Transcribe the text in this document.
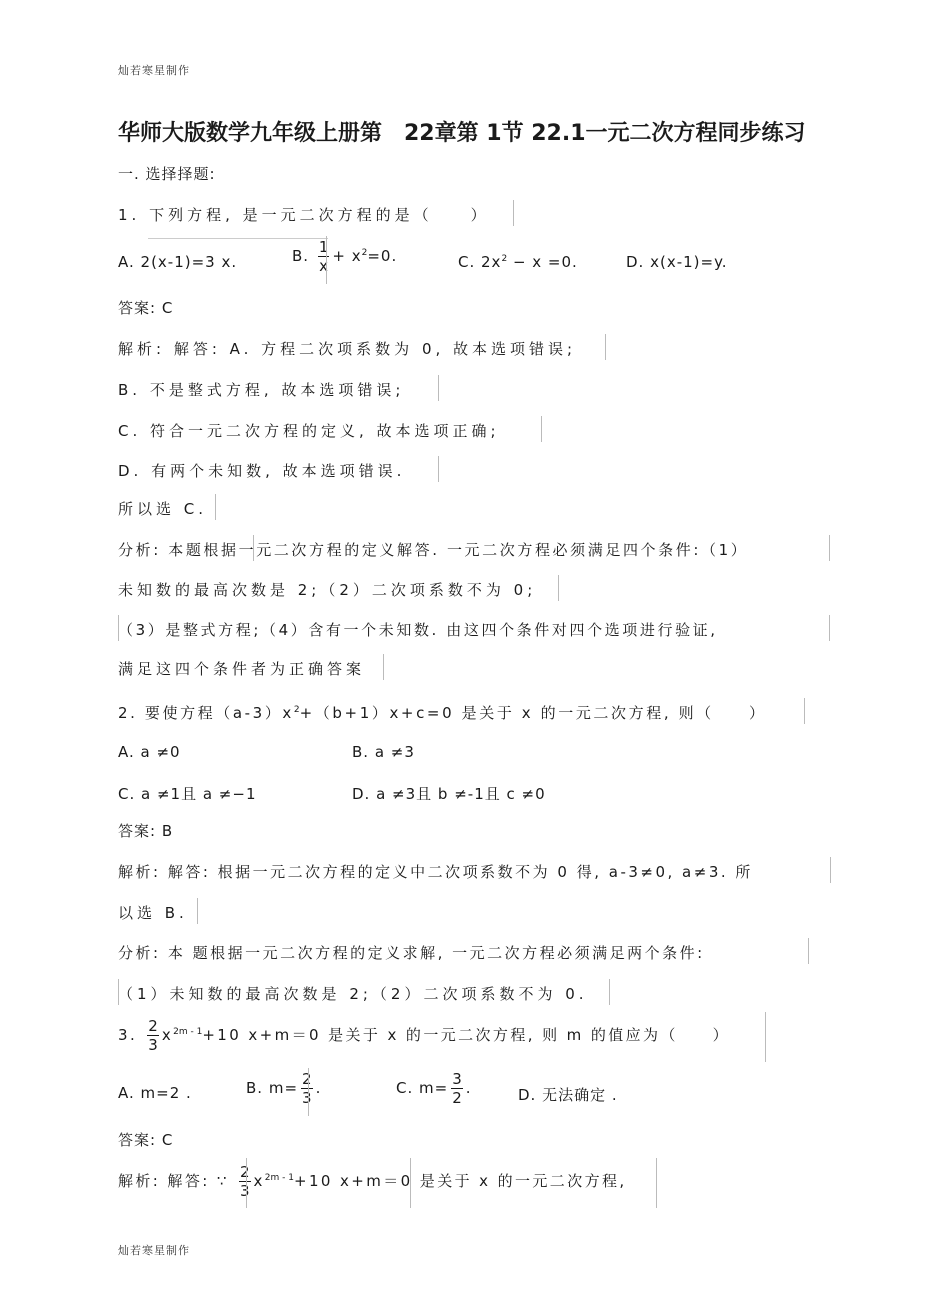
灿若寒星制作
华师大版数学九年级上册第　22章第 1节 22.1一元二次方程同步练习
一. 选择择题:
1. 下列方程, 是一元二次方程的是（　　）
A. 2(x-1)=3 x.	B. $\frac{1}{x} + x^2=0$.	C. $2x^2 - x =0$.	D. x(x-1)=y.
答案: C
解析: 解答: A. 方程二次项系数为 0, 故本选项错误;
B. 不是整式方程, 故本选项错误;
C. 符合一元二次方程的定义, 故本选项正确;
D. 有两个未知数, 故本选项错误.
所以选 C.
分析: 本题根据一元二次方程的定义解答. 一元二次方程必须满足四个条件:（1）
未知数的最高次数是 2;（2）二次项系数不为 0;
（3）是整式方程;（4）含有一个未知数. 由这四个条件对四个选项进行验证,
满足这四个条件者为正确答案
2. 要使方程$(a-3)x^2+(b+1)x+c=0$ 是关于 x 的一元二次方程, 则（　　）
A. a ≠0	B. a ≠3
C. a ≠1且 a ≠−1	D. a ≠3且 b ≠-1且 c ≠0
答案: B
解析: 解答: 根据一元二次方程的定义中二次项系数不为 0 得, a-3≠0, a≠3. 所
以选 B.
分析: 本 题根据一元二次方程的定义求解, 一元二次方程必须满足两个条件:
（1）未知数的最高次数是 2;（2）二次项系数不为 0.
3. $\frac{2}{3} x^{2m - 1}+10$ x+m＝0 是关于 x 的一元二次方程, 则 m 的值应为（　　）
A. m=2 .	B. $m= \frac{2}{3}$ .	C. $m= \frac{3}{2}$ .	D. 无法确定 .
答案: C
解析: 解答: ∵ $\frac{2}{3} x^{2m - 1}+10$ x+m＝0 是关于 x 的一元二次方程,
灿若寒星制作
